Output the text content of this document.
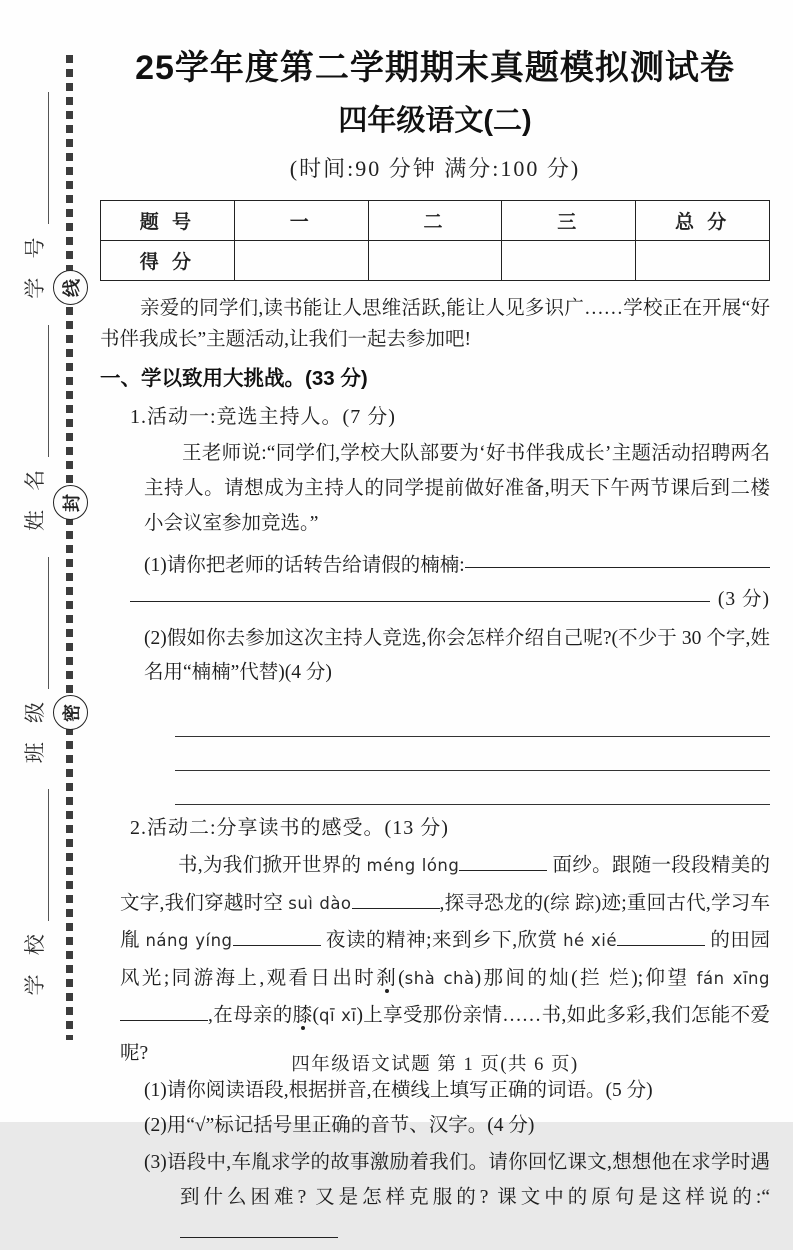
学 校
班 级
姓 名
学 号 线
封
密
25学年度第二学期期末真题模拟测试卷
四年级语文(二)
(时间:90 分钟 满分:100 分)
题 号	一	二	三	总 分
得 分				
亲爱的同学们,读书能让人思维活跃,能让人见多识广……学校正在开展“好书伴我成长”主题活动,让我们一起去参加吧!
一、学以致用大挑战。(33 分)
1.活动一:竞选主持人。(7 分)
王老师说:“同学们,学校大队部要为‘好书伴我成长’主题活动招聘两名主持人。请想成为主持人的同学提前做好准备,明天下午两节课后到二楼小会议室参加竞选。”
(1)请你把老师的话转告给请假的楠楠:
(3 分)
(2)假如你去参加这次主持人竞选,你会怎样介绍自己呢?(不少于 30 个字,姓名用“楠楠”代替)(4 分)
2.活动二:分享读书的感受。(13 分)
书,为我们掀开世界的 méng lóng	面纱。跟随一段段精美的文字,我们穿越时空 suì dào	,探寻恐龙的(综 踪)迹;重回古代,学习车胤 náng yíng	夜读的精神;来到乡下,欣赏 hé xié	的田园风光;同游海上,观看日出时刹(shà chà)那间的灿(拦 烂);仰望 fán xīng,在母亲的膝(qī xī)上享受那份亲情……书,如此多彩,我们怎能不爱呢?
(1)请你阅读语段,根据拼音,在横线上填写正确的词语。(5 分)
(2)用“√”标记括号里正确的音节、汉字。(4 分)
(3)语段中,车胤求学的故事激励着我们。请你回忆课文,想想他在求学时遇到什么困难? 又是怎样克服的? 课文中的原句是这样说的:“
四年级语文试题 第 1 页(共 6 页)
